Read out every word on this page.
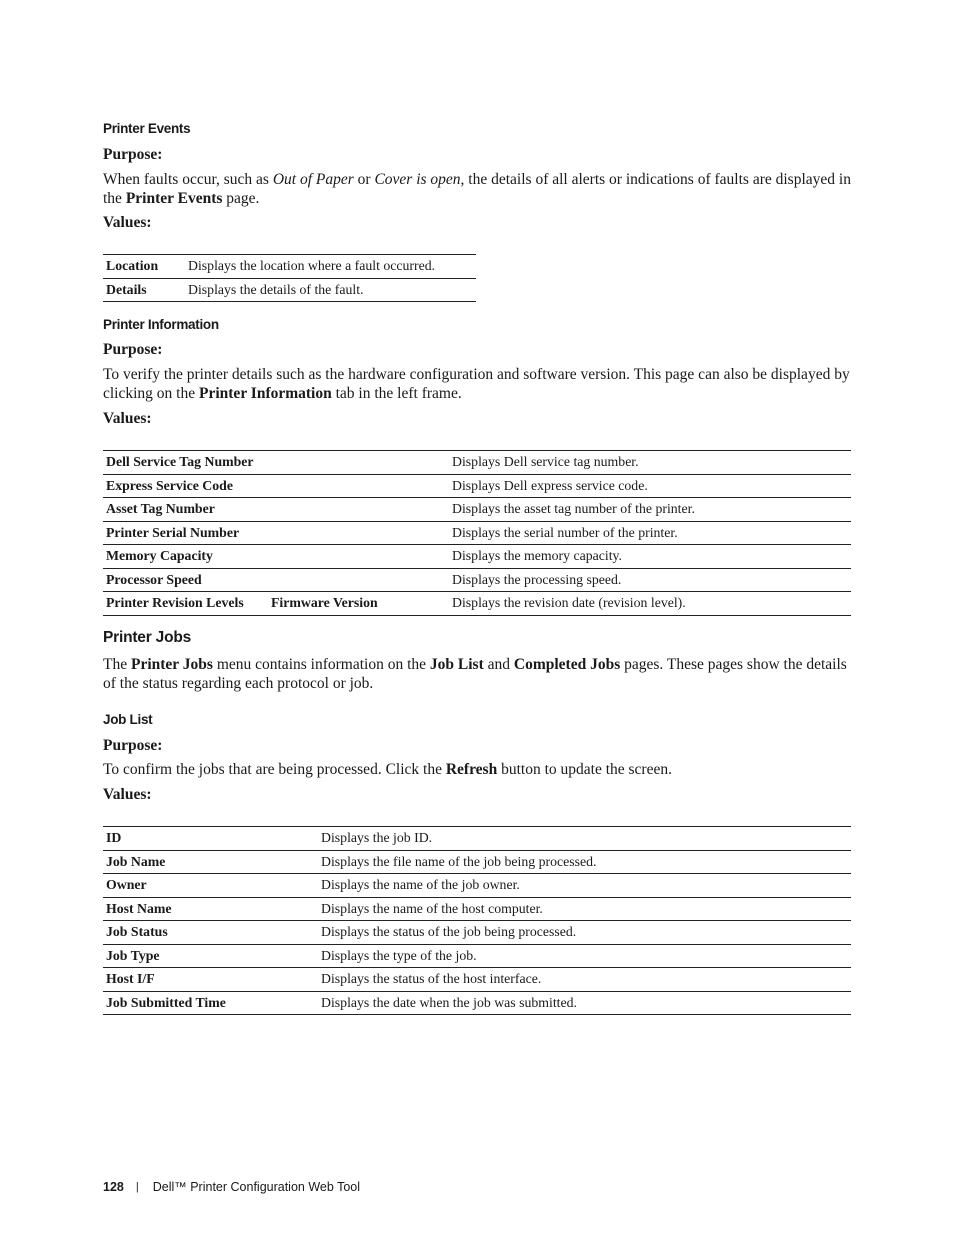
Printer Events

Purpose:

When faults occur, such as Out of Paper or Cover is open, the details of all alerts or indications of faults are displayed in the Printer Events page.

Values:

Location	Displays the location where a fault occurred.
Details	Displays the details of the fault.
Printer Information

Purpose:

To verify the printer details such as the hardware configuration and software version. This page can also be displayed by clicking on the Printer Information tab in the left frame.

Values:

Dell Service Tag Number		Displays Dell service tag number.
Express Service Code		Displays Dell express service code.
Asset Tag Number		Displays the asset tag number of the printer.
Printer Serial Number		Displays the serial number of the printer.
Memory Capacity		Displays the memory capacity.
Processor Speed		Displays the processing speed.
Printer Revision Levels	Firmware Version	Displays the revision date (revision level).
Printer Jobs

The Printer Jobs menu contains information on the Job List and Completed Jobs pages. These pages show the details of the status regarding each protocol or job.

Job List

Purpose:

To confirm the jobs that are being processed. Click the Refresh button to update the screen.

Values:

ID	Displays the job ID.
Job Name	Displays the file name of the job being processed.
Owner	Displays the name of the job owner.
Host Name	Displays the name of the host computer.
Job Status	Displays the status of the job being processed.
Job Type	Displays the type of the job.
Host I/F	Displays the status of the host interface.
Job Submitted Time	Displays the date when the job was submitted.
128 | Dell™ Printer Configuration Web Tool
